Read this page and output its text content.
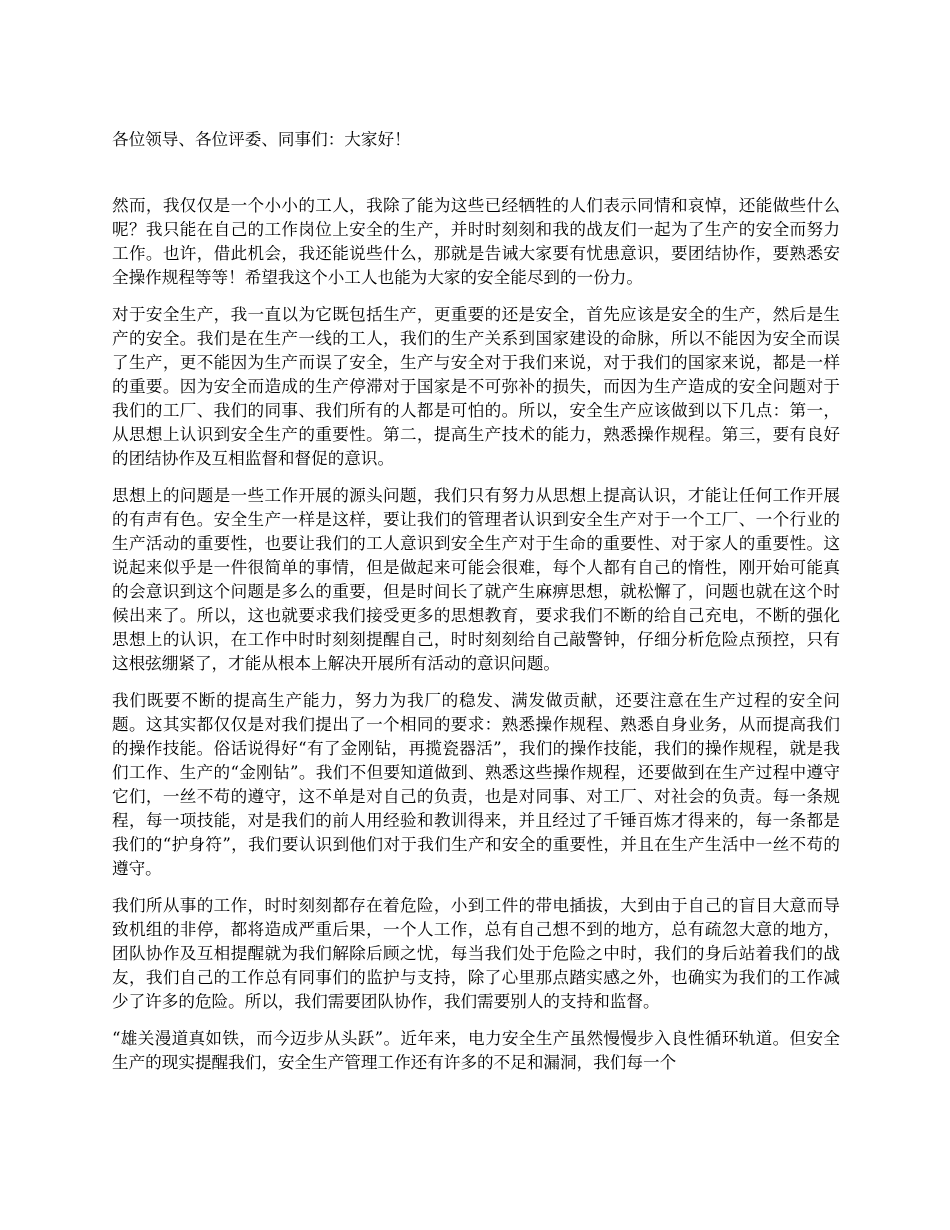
各位领导、各位评委、同事们：大家好！

然而，我仅仅是一个小小的工人，我除了能为这些已经牺牲的人们表示同情和哀悼，还能做些什么呢？我只能在自己的工作岗位上安全的生产，并时时刻刻和我的战友们一起为了生产的安全而努力工作。也许，借此机会，我还能说些什么，那就是告诫大家要有忧患意识，要团结协作，要熟悉安全操作规程等等！希望我这个小工人也能为大家的安全能尽到的一份力。

对于安全生产，我一直以为它既包括生产，更重要的还是安全，首先应该是安全的生产，然后是生产的安全。我们是在生产一线的工人，我们的生产关系到国家建设的命脉，所以不能因为安全而误了生产，更不能因为生产而误了安全，生产与安全对于我们来说，对于我们的国家来说，都是一样的重要。因为安全而造成的生产停滞对于国家是不可弥补的损失，而因为生产造成的安全问题对于我们的工厂、我们的同事、我们所有的人都是可怕的。所以，安全生产应该做到以下几点：第一，从思想上认识到安全生产的重要性。第二，提高生产技术的能力，熟悉操作规程。第三，要有良好的团结协作及互相监督和督促的意识。

思想上的问题是一些工作开展的源头问题，我们只有努力从思想上提高认识，才能让任何工作开展的有声有色。安全生产一样是这样，要让我们的管理者认识到安全生产对于一个工厂、一个行业的生产活动的重要性，也要让我们的工人意识到安全生产对于生命的重要性、对于家人的重要性。这说起来似乎是一件很简单的事情，但是做起来可能会很难，每个人都有自己的惰性，刚开始可能真的会意识到这个问题是多么的重要，但是时间长了就产生麻痹思想，就松懈了，问题也就在这个时候出来了。所以，这也就要求我们接受更多的思想教育，要求我们不断的给自己充电，不断的强化思想上的认识，在工作中时时刻刻提醒自己，时时刻刻给自己敲警钟，仔细分析危险点预控，只有这根弦绷紧了，才能从根本上解决开展所有活动的意识问题。

我们既要不断的提高生产能力，努力为我厂的稳发、满发做贡献，还要注意在生产过程的安全问题。这其实都仅仅是对我们提出了一个相同的要求：熟悉操作规程、熟悉自身业务，从而提高我们的操作技能。俗话说得好“有了金刚钻，再揽瓷器活”，我们的操作技能，我们的操作规程，就是我们工作、生产的“金刚钻”。我们不但要知道做到、熟悉这些操作规程，还要做到在生产过程中遵守它们，一丝不苟的遵守，这不单是对自己的负责，也是对同事、对工厂、对社会的负责。每一条规程，每一项技能，对是我们的前人用经验和教训得来，并且经过了千锤百炼才得来的，每一条都是我们的“护身符”，我们要认识到他们对于我们生产和安全的重要性，并且在生产生活中一丝不苟的遵守。

我们所从事的工作，时时刻刻都存在着危险，小到工件的带电插拔，大到由于自己的盲目大意而导致机组的非停，都将造成严重后果，一个人工作，总有自己想不到的地方，总有疏忽大意的地方，团队协作及互相提醒就为我们解除后顾之忧，每当我们处于危险之中时，我们的身后站着我们的战友，我们自己的工作总有同事们的监护与支持，除了心里那点踏实感之外，也确实为我们的工作减少了许多的危险。所以，我们需要团队协作，我们需要别人的支持和监督。

“雄关漫道真如铁，而今迈步从头跃”。近年来，电力安全生产虽然慢慢步入良性循环轨道。但安全生产的现实提醒我们，安全生产管理工作还有许多的不足和漏洞，我们每一个
